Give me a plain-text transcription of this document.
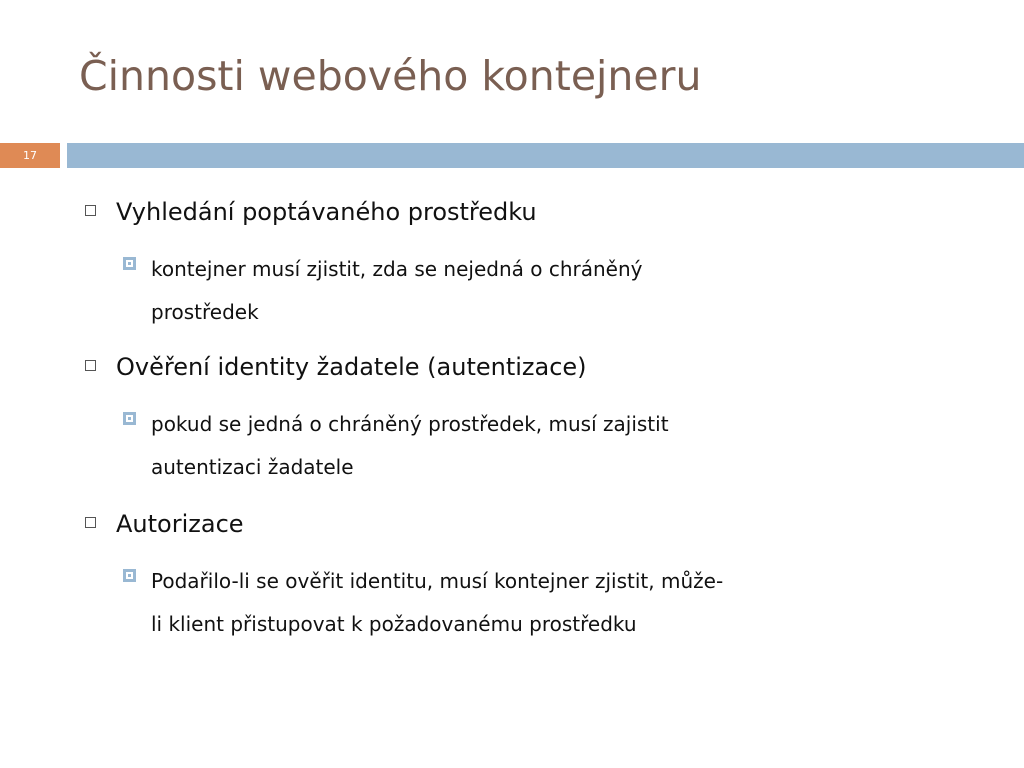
Činnosti webového kontejneru
17
Vyhledání poptávaného prostředku
kontejner musí zjistit, zda se nejedná o chráněný
prostředek
Ověření identity žadatele (autentizace)
pokud se jedná o chráněný prostředek, musí zajistit
autentizaci žadatele
Autorizace
Podařilo-li se ověřit identitu, musí kontejner zjistit, může-
li klient přistupovat k požadovanému prostředku
